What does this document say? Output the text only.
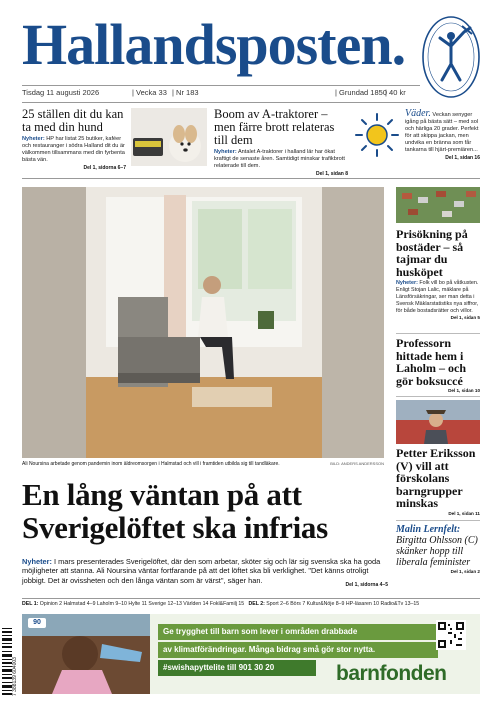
Hallandsposten.
Tisdag 11 augusti 2026	| Vecka 33 | Nr 183	| Grundad 1850
| 40 kr
25 ställen dit du kan ta med din hund
Nyheter: HP har listat 25 butiker, kaféer och restauranger i södra Halland dit du är välkommen tillsammans med din fyrbenta bästa vän.
Del 1, sidorna 6–7
Boom av A-traktorer – men färre brott relateras till dem
Nyheter: Antalet A-traktorer i halland lär har ökat kraftigt de senaste åren. Samtidigt minskar trafikbrott relaterade till dem.
Del 1, sidan 8
Väder. Veckan senyger igång på bästa sätt – med sol och härliga 20 grader. Perfekt för att skippa jackan, men undvika en bränna som får tankarna till hjärt-premiären...
Del 1, sidan 16
Ali Noursina arbetade genom pandemin inom äldreomsorgen i Halmstad och vill i framtiden utbilda sig till tandläkare.	BILD: ANDERS ANDERSSON
En lång väntan på att Sverigelöftet ska infrias
Nyheter: I mars presenterades Sverigelöftet, där den som arbetar, sköter sig och lär sig svenska ska ha goda möjligheter att stanna. Ali Noursina väntar fortfarande på att det löftet ska bli verklighet. "Det känns otroligt jobbigt. Det är ovissheten och den långa väntan som är värst", säger han.
Del 1, sidorna 4–5
Prisökning på bostäder – så tajmar du husköpet
Nyheter: Folk vill bo på våtkusten. Enligt Stojan Lalic, mäklare på Länsförsäkringar, ser man detta i Svensk Mäklarstatistiks nya siffror, för både bostadsrätter och villor.
Del 1, sidan 5
Professorn hittade hem i Laholm – och gör boksuccé
Del 1, sidan 10
Petter Eriksson (V) vill att förskolans barngrupper minskas
Del 1, sidan 11
Malin Lernfelt:
Birgitta Ohlsson (C) skänker hopp till liberala feminister
Del 1, sidan 2
DEL 1: Opinion 2 Halmstad 4–9 Laholm 9–10 Hylte 11 Sverige 12–13 Världen 14 Fokl&Familj 15 DEL 2: Sport 2–6 Börs 7 Kultur&Nöje 8–9 HP-läsaren 10 Radio&Tv 13–15
90
Ge trygghet till barn som lever i områden drabbade
av klimatförändringar. Många bidrag små gör stor nytta.
#swishapyttelite till 901 30 20	barnfonden
7 388139 604003
